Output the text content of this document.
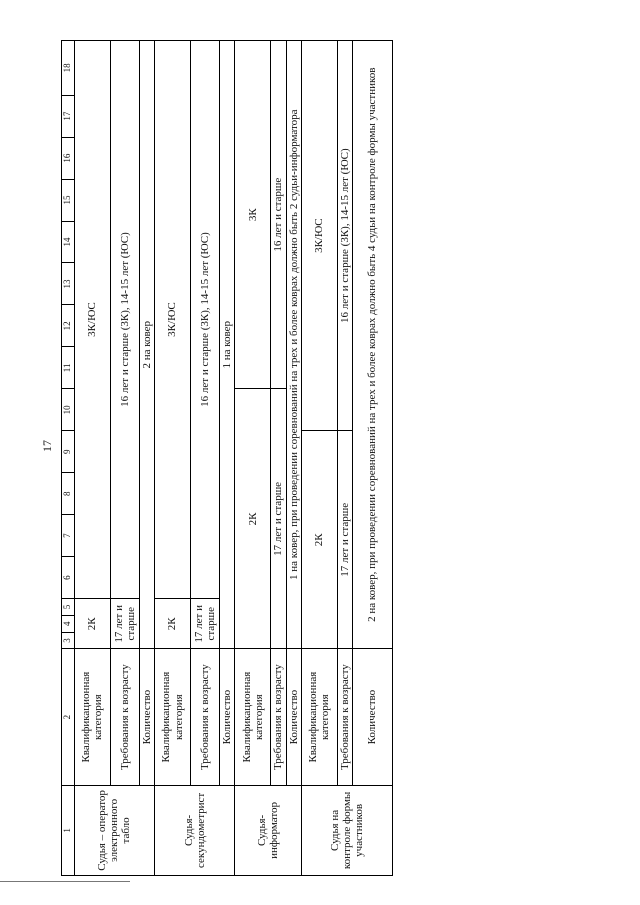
17
1	2	3	4	5	6	7	8	9	10	11	12	13	14	15	16	17	18
Судья – оператор электронного табло	Квалификационная категория	2К			3К/ЮС												
	Требования к возрасту	17 лет и старше			16 лет и старше (3К), 14-15 лет (ЮС)												
	Количество	2 на ковер															
Судья-секундометрист	Квалификационная категория	2К			3К/ЮС												
	Требования к возрасту	17 лет и старше			16 лет и старше (3К), 14-15 лет (ЮС)												
	Количество	1 на ковер															
Судья-информатор	Квалификационная категория	2К								3К							
	Требования к возрасту	17 лет и старше								16 лет и старше							
	Количество	1 на ковер, при проведении соревнований на трех и более коврах должно быть 2 судьи-информатора															
Судья на контроле формы участников	Квалификационная категория	2К							3К/ЮС								
	Требования к возрасту	17 лет и старше							16 лет и старше (3К), 14-15 лет (ЮС)								
	Количество	2 на ковер, при проведении соревнований на трех и более коврах должно быть 4 судьи на контроле формы участников															
